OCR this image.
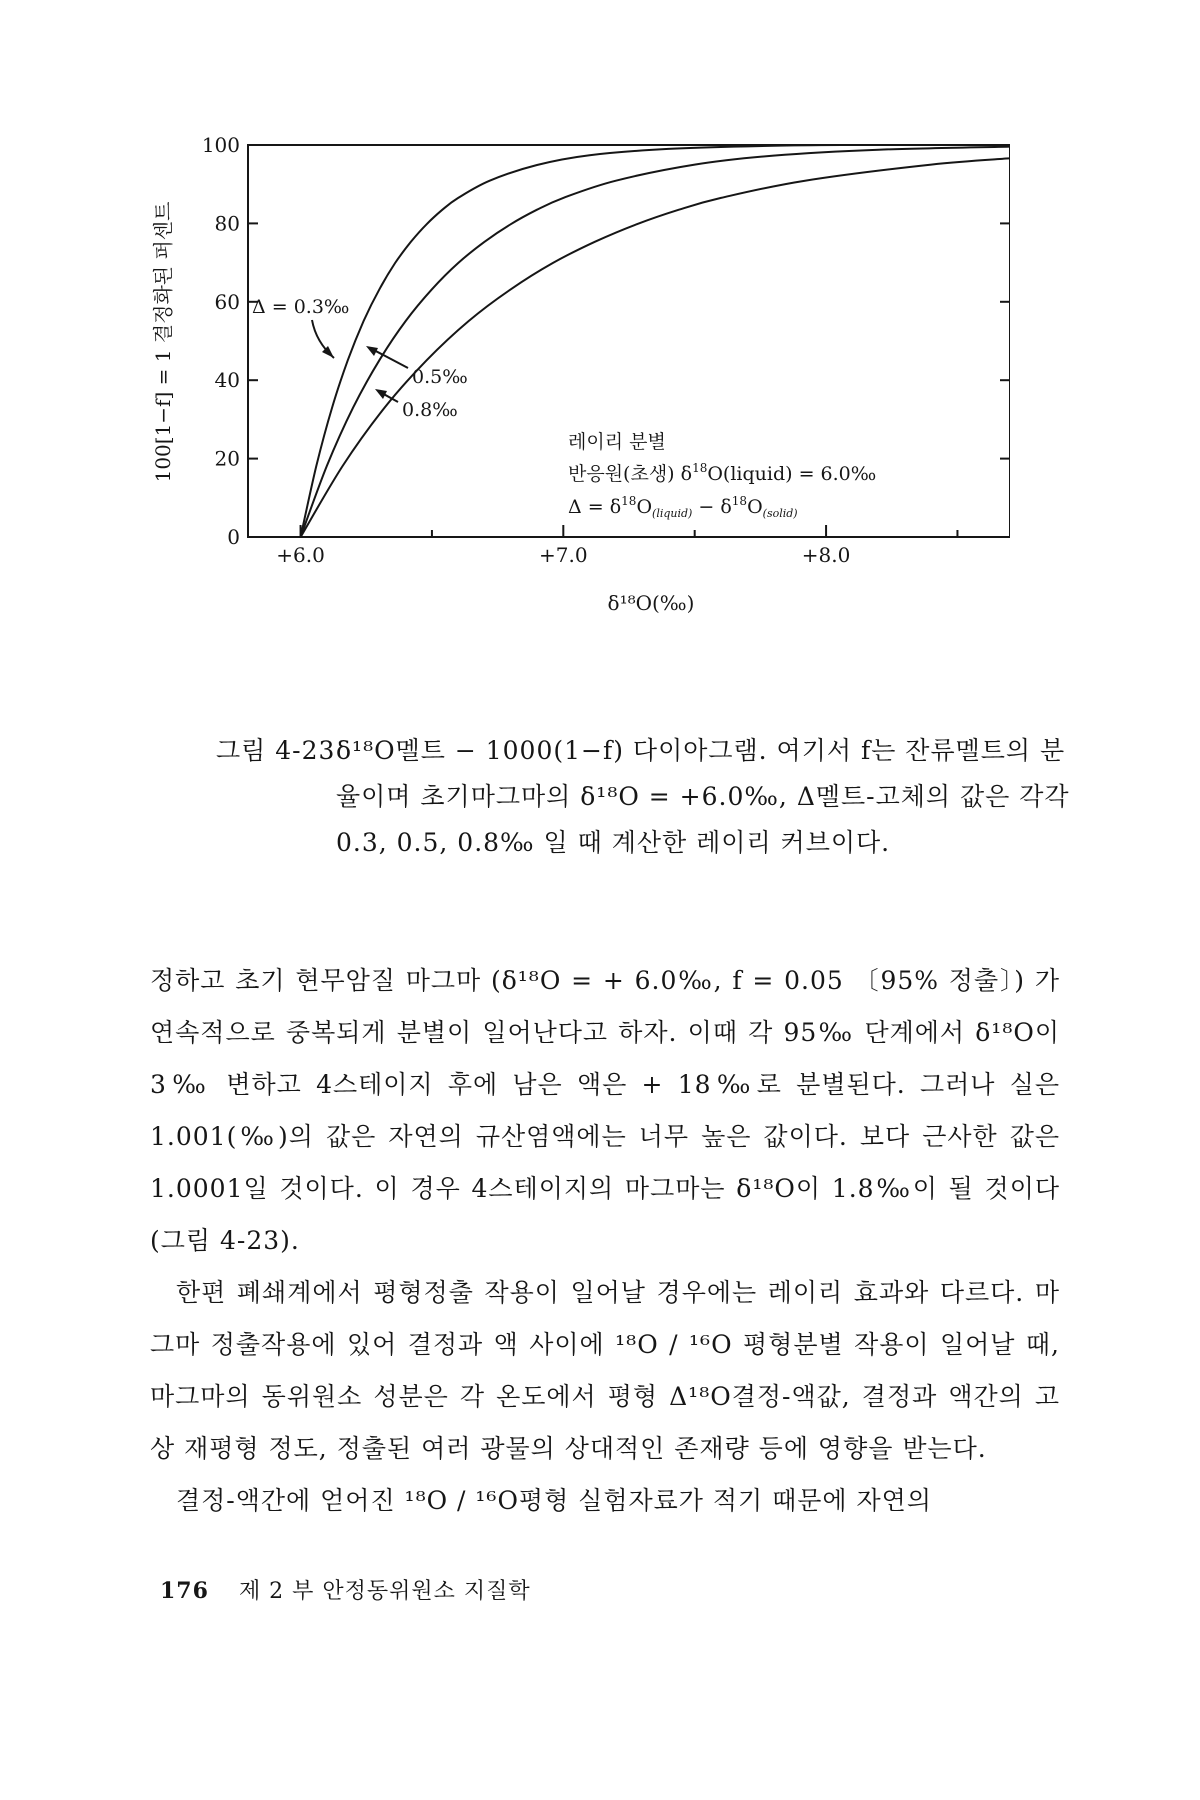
0
20
40
60
80
100
+6.0	+7.0	+8.0
100[1−f] = 1 결정화된 퍼센트
δ¹⁸O(‰)
Δ = 0.3‰
0.5‰
0.8‰
레이리 분별
반응원(초생) $\delta^{18}O(liquid)$ = 6.0‰
$\Delta = \delta^{18}O_{(liquid)} - \delta^{18}O_{(solid)}$
그림 4-23 δ¹⁸O멜트 − 1000(1−f) 다이아그램. 여기서 f는 잔류멜트의 분
율이며 초기마그마의 δ¹⁸O = +6.0‰, Δ멜트-고체의 값은 각각
0.3, 0.5, 0.8‰ 일 때 계산한 레이리 커브이다.

정하고 초기 현무암질 마그마 (δ¹⁸O = + 6.0‰, f = 0.05 〔95% 정출〕) 가 연속적으로 중복되게 분별이 일어난다고 하자. 이때 각 95‰ 단계에서 δ¹⁸O이 3‰ 변하고 4스테이지 후에 남은 액은 + 18‰로 분별된다. 그러나 실은 1.001(‰)의 값은 자연의 규산염액에는 너무 높은 값이다. 보다 근사한 값은 1.0001일 것이다. 이 경우 4스테이지의 마그마는 δ¹⁸O이 1.8‰이 될 것이다(그림 4-23).

한편 폐쇄계에서 평형정출 작용이 일어날 경우에는 레이리 효과와 다르다. 마그마 정출작용에 있어 결정과 액 사이에 ¹⁸O / ¹⁶O 평형분별 작용이 일어날 때, 마그마의 동위원소 성분은 각 온도에서 평형 Δ¹⁸O결정-액값, 결정과 액간의 고상 재평형 정도, 정출된 여러 광물의 상대적인 존재량 등에 영향을 받는다.

결정-액간에 얻어진 ¹⁸O / ¹⁶O평형 실험자료가 적기 때문에 자연의

176 제 2 부 안정동위원소 지질학
